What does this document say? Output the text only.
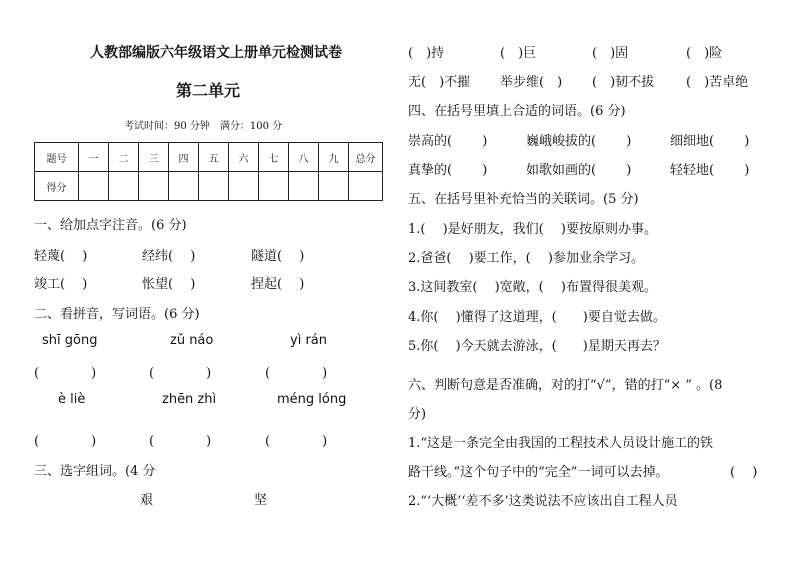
人教部编版六年级语文上册单元检测试卷
第二单元
考试时间：90 分钟　满分：100 分
题号	一	二	三	四	五	六	七	八	九	总分
得分										
一、给加点字注音。(6 分)
轻蔑(　 )	经纬(　 )	隧道(　 )
竣工(　 )	怅望(　 )	捏起(　 )
二、看拼音，写词语。(6 分)
shī gōng	zǔ náo	yì rán
(　　　　)	(　　　　)	(　　　　)
è liè	zhēn zhì	méng lóng
(　　　　)	(　　　　)	(　　　　)
三、选字组词。(4 分
艰	坚
(　)持	(　)巨	(　)固	(　)险
无(　)不摧 举步维(　) (　)韧不拔 (　)苦卓绝
四、在括号里填上合适的词语。(6 分)
崇高的(　　 )	巍峨峻拔的(　　 )	细细地(　　 )
真挚的(　　 )	如歌如画的(　　 )	轻轻地(　　 )
五、在括号里补充恰当的关联词。(5 分)
1.(　 )是好朋友，我们(　 )要按原则办事。
2.爸爸(　 )要工作，(　 )参加业余学习。
3.这间教室(　 )宽敞，(　 )布置得很美观。
4.你(　 )懂得了这道理，(　　)要自觉去做。
5.你(　 )今天就去游泳，(　　)星期天再去？
六、判断句意是否准确，对的打“√”，错的打“× ” 。(8
分)
1.“这是一条完全由我国的工程技术人员设计施工的铁
路干线。”这个句子中的“完全”一词可以去掉。	(　 )
2.“‘大概’‘差不多’这类说法不应该出自工程人员
